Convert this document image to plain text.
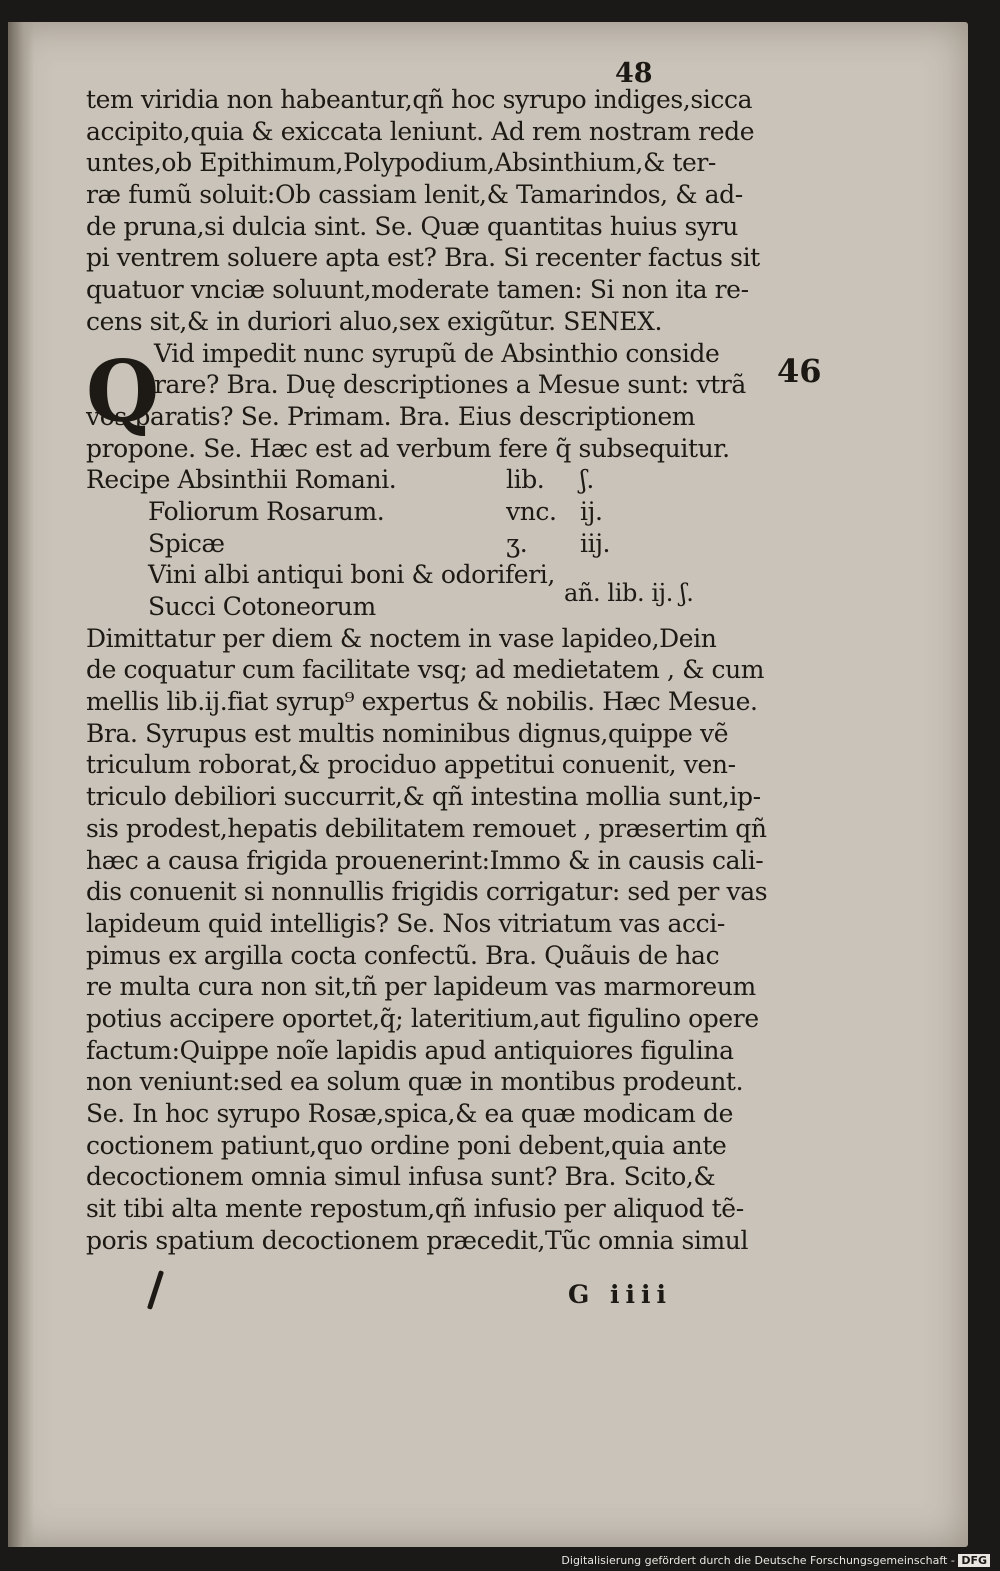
48
46
tem viridia non habeantur,qñ hoc syrupo indiges,sicca
accipito,quia & exiccata leniunt. Ad rem nostram rede
untes,ob Epithimum,Polypodium,Absinthium,& ter-
ræ fumũ soluit:Ob cassiam lenit,& Tamarindos, & ad-
de pruna,si dulcia sint. Se. Quæ quantitas huius syru
pi ventrem soluere apta est? Bra. Si recenter factus sit
quatuor vnciæ soluunt,moderate tamen: Si non ita re-
cens sit,& in duriori aluo,sex exigũtur. SENEX.
Vid impedit nunc syrupũ de Absinthio conside
rare? Bra. Duę descriptiones a Mesue sunt: vtrã
vos paratis? Se. Primam. Bra. Eius descriptionem
propone. Se. Hæc est ad verbum fere q̃ subsequitur.
Recipe Absinthii Romani.	lib.	ʃ.
Foliorum Rosarum.	vnc. ij.
Spicæ	ʒ.	iij.
Vini albi antiqui boni & odoriferi,
Succi Cotoneorum	añ. lib. ij. ʃ.
Dimittatur per diem & noctem in vase lapideo,Dein
de coquatur cum facilitate vsq; ad medietatem , & cum
mellis lib.ij.fiat syrup⁹ expertus & nobilis. Hæc Mesue.
Bra. Syrupus est multis nominibus dignus,quippe vẽ
triculum roborat,& prociduo appetitui conuenit, ven-
triculo debiliori succurrit,& qñ intestina mollia sunt,ip-
sis prodest,hepatis debilitatem remouet , præsertim qñ
hæc a causa frigida prouenerint:Immo & in causis cali-
dis conuenit si nonnullis frigidis corrigatur: sed per vas
lapideum quid intelligis? Se. Nos vitriatum vas acci-
pimus ex argilla cocta confectũ. Bra. Quãuis de hac
re multa cura non sit,tñ per lapideum vas marmoreum
potius accipere oportet,q̃; lateritium,aut figulino opere
factum:Quippe noĩe lapidis apud antiquiores figulina
non veniunt:sed ea solum quæ in montibus prodeunt.
Se. In hoc syrupo Rosæ,spica,& ea quæ modicam de
coctionem patiunt,quo ordine poni debent,quia ante
decoctionem omnia simul infusa sunt? Bra. Scito,&
sit tibi alta mente repostum,qñ infusio per aliquod tẽ-
poris spatium decoctionem præcedit,Tũc omnia simul
Q
G iiii
Digitalisierung gefördert durch die Deutsche Forschungsgemeinschaft - DFG
